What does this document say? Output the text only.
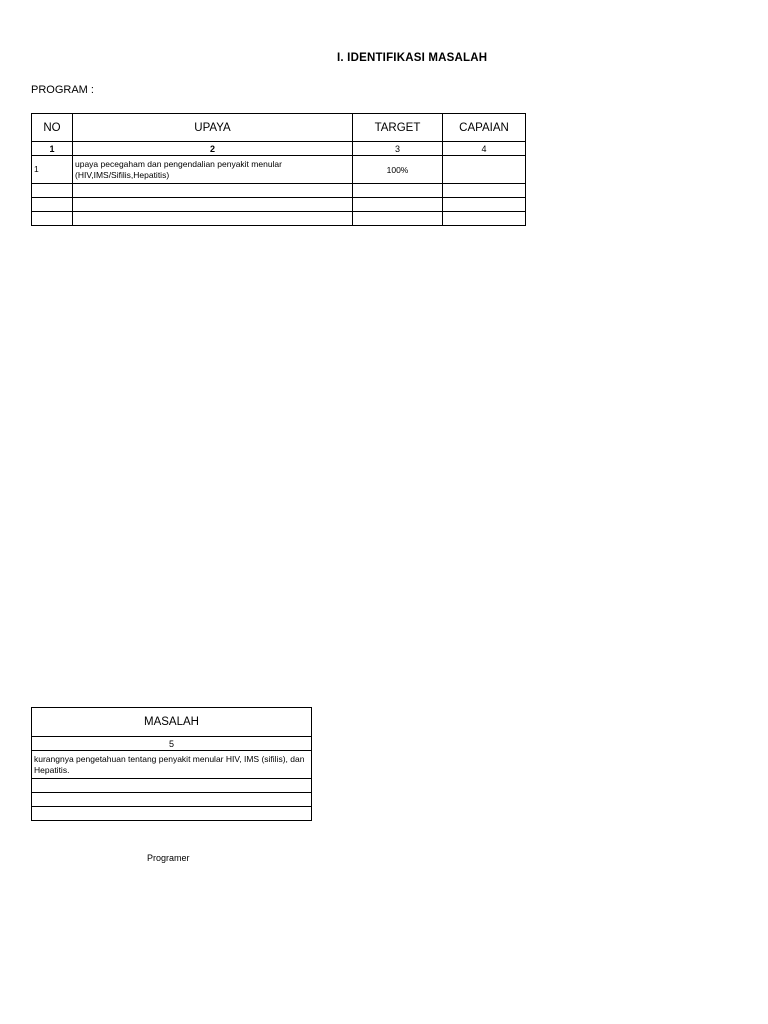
I. IDENTIFIKASI MASALAH
PROGRAM :
NO	UPAYA	TARGET	CAPAIAN
1	2	3	4
1	upaya pecegaham dan pengendalian penyakit menular (HIV,IMS/Sifilis,Hepatitis)	100%	

MASALAH
5
kurangnya pengetahuan tentang penyakit menular HIV, IMS (sifilis), dan Hepatitis.

Programer
